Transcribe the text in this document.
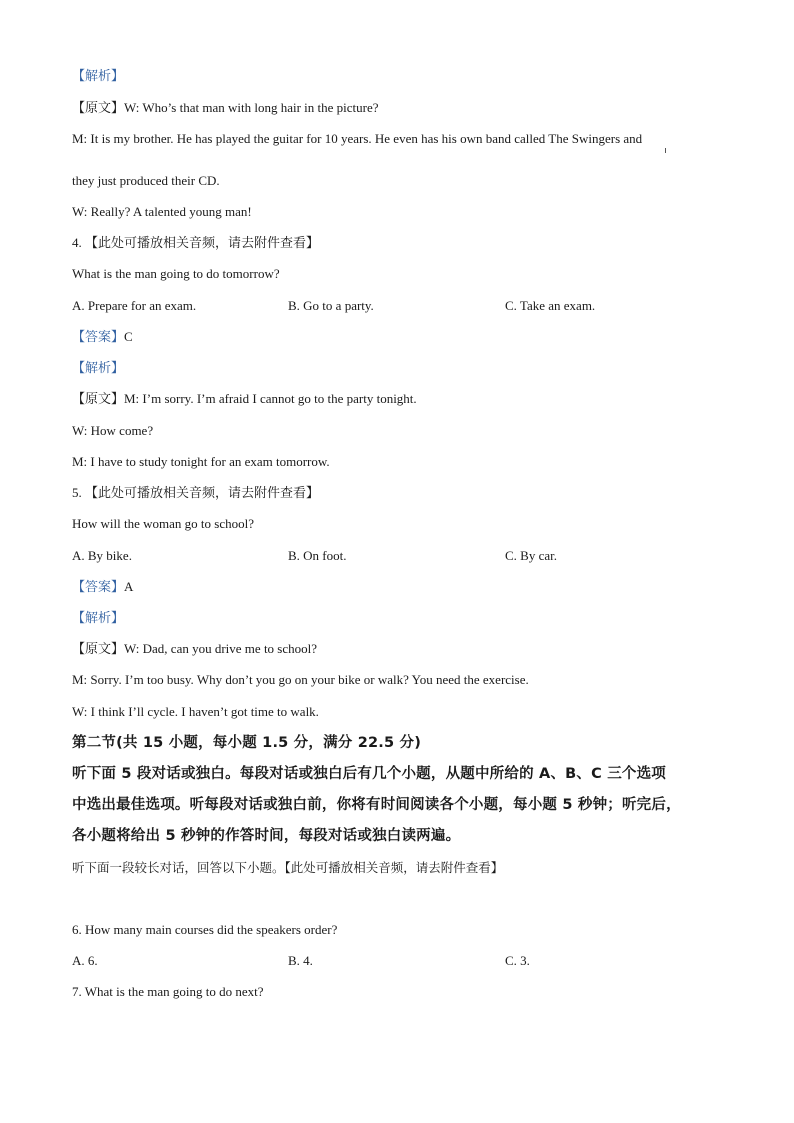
【解析】
【原文】W: Who’s that man with long hair in the picture?
M: It is my brother. He has played the guitar for 10 years. He even has his own band called The Swingers and
they just produced their CD.
W: Really? A talented young man!
4. 【此处可播放相关音频，请去附件查看】
What is the man going to do tomorrow?
A. Prepare for an exam.	B. Go to a party.	C. Take an exam.
【答案】C
【解析】
【原文】M: I’m sorry. I’m afraid I cannot go to the party tonight.
W: How come?
M: I have to study tonight for an exam tomorrow.
5. 【此处可播放相关音频，请去附件查看】
How will the woman go to school?
A. By bike.	B. On foot.	C. By car.
【答案】A
【解析】
【原文】W: Dad, can you drive me to school?
M: Sorry. I’m too busy. Why don’t you go on your bike or walk? You need the exercise.
W: I think I’ll cycle. I haven’t got time to walk.
第二节(共 15 小题，每小题 1.5 分，满分 22.5 分)
听下面 5 段对话或独白。每段对话或独白后有几个小题，从题中所给的 A、B、C 三个选项
中选出最佳选项。听每段对话或独白前，你将有时间阅读各个小题，每小题 5 秒钟；听完后，
各小题将给出 5 秒钟的作答时间，每段对话或独白读两遍。
听下面一段较长对话，回答以下小题。【此处可播放相关音频，请去附件查看】
6. How many main courses did the speakers order?
A. 6.	B. 4.	C. 3.
7. What is the man going to do next?
